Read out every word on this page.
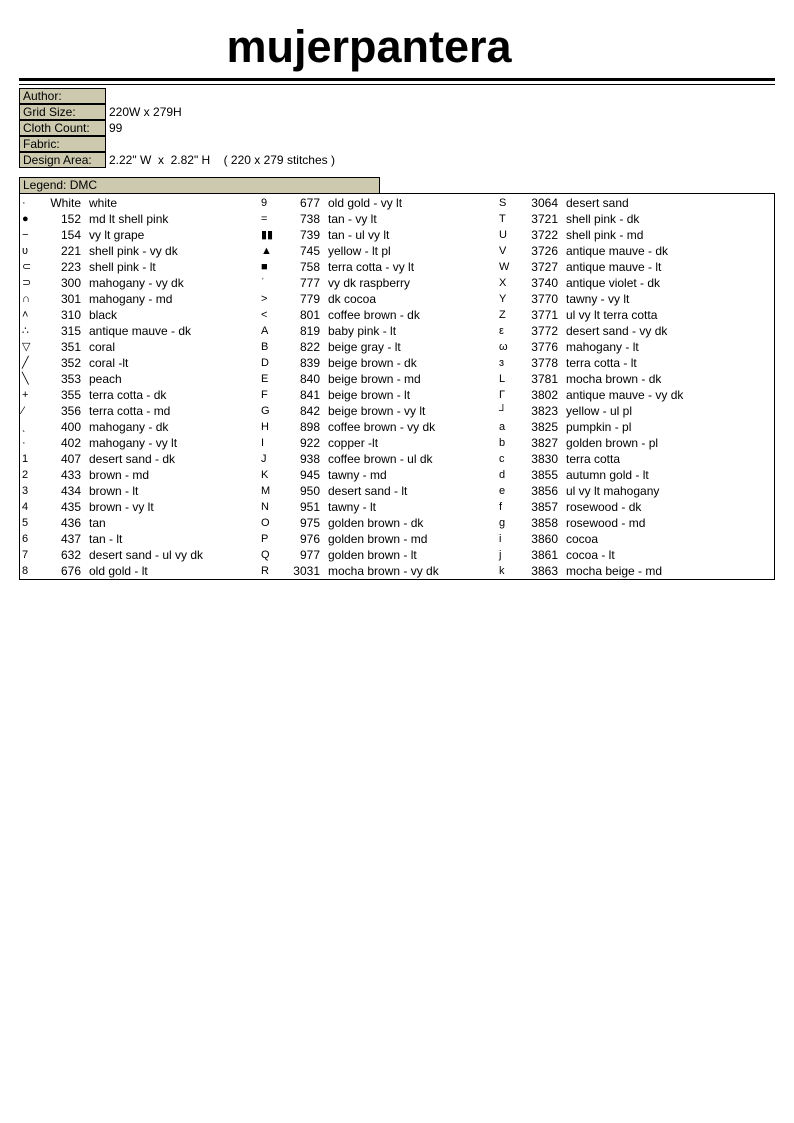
mujerpantera
Author:
Grid Size:	220W x 279H
Cloth Count:	99
Fabric:
Design Area:	2.22" W  x  2.82" H    ( 220 x 279 stitches )
Legend: DMC
·	White white
●	152 md lt shell pink
−	154 vy lt grape
υ	221 shell pink - vy dk
⊂	223 shell pink - lt
⊃	300 mahogany - vy dk
∩	301 mahogany - md
˄	310 black
∴	315 antique mauve - dk
▽	351 coral
╱	352 coral -lt
╲	353 peach
+	355 terra cotta - dk
⁄	356 terra cotta - md
ˎ	400 mahogany - dk
·	402 mahogany - vy lt
1	407 desert sand - dk
2	433 brown - md
3	434 brown - lt
4	435 brown - vy lt
5	436 tan
6	437 tan - lt
7	632 desert sand - ul vy dk
8	676 old gold - lt
9	677 old gold - vy lt
=	738 tan - vy lt
▮▮	739 tan - ul vy lt
▲	745 yellow - lt pl
■	758 terra cotta - vy lt
ˈ	777 vy dk raspberry
>	779 dk cocoa
<	801 coffee brown - dk
A	819 baby pink - lt
B	822 beige gray - lt
D	839 beige brown - dk
E	840 beige brown - md
F	841 beige brown - lt
G	842 beige brown - vy lt
H	898 coffee brown - vy dk
I	922 copper -lt
J	938 coffee brown - ul dk
K	945 tawny - md
M	950 desert sand - lt
N	951 tawny - lt
O	975 golden brown - dk
P	976 golden brown - md
Q	977 golden brown - lt
R	3031 mocha brown - vy dk
S	3064 desert sand
T	3721 shell pink - dk
U	3722 shell pink - md
V	3726 antique mauve - dk
W	3727 antique mauve - lt
X	3740 antique violet - dk
Y	3770 tawny - vy lt
Z	3771 ul vy lt terra cotta
ε	3772 desert sand - vy dk
ω	3776 mahogany - lt
ɜ	3778 terra cotta - lt
L	3781 mocha brown - dk
Γ	3802 antique mauve - vy dk
┘	3823 yellow - ul pl
a	3825 pumpkin - pl
b	3827 golden brown - pl
c	3830 terra cotta
d	3855 autumn gold - lt
e	3856 ul vy lt mahogany
f	3857 rosewood - dk
g	3858 rosewood - md
i	3860 cocoa
j	3861 cocoa - lt
k	3863 mocha beige - md
